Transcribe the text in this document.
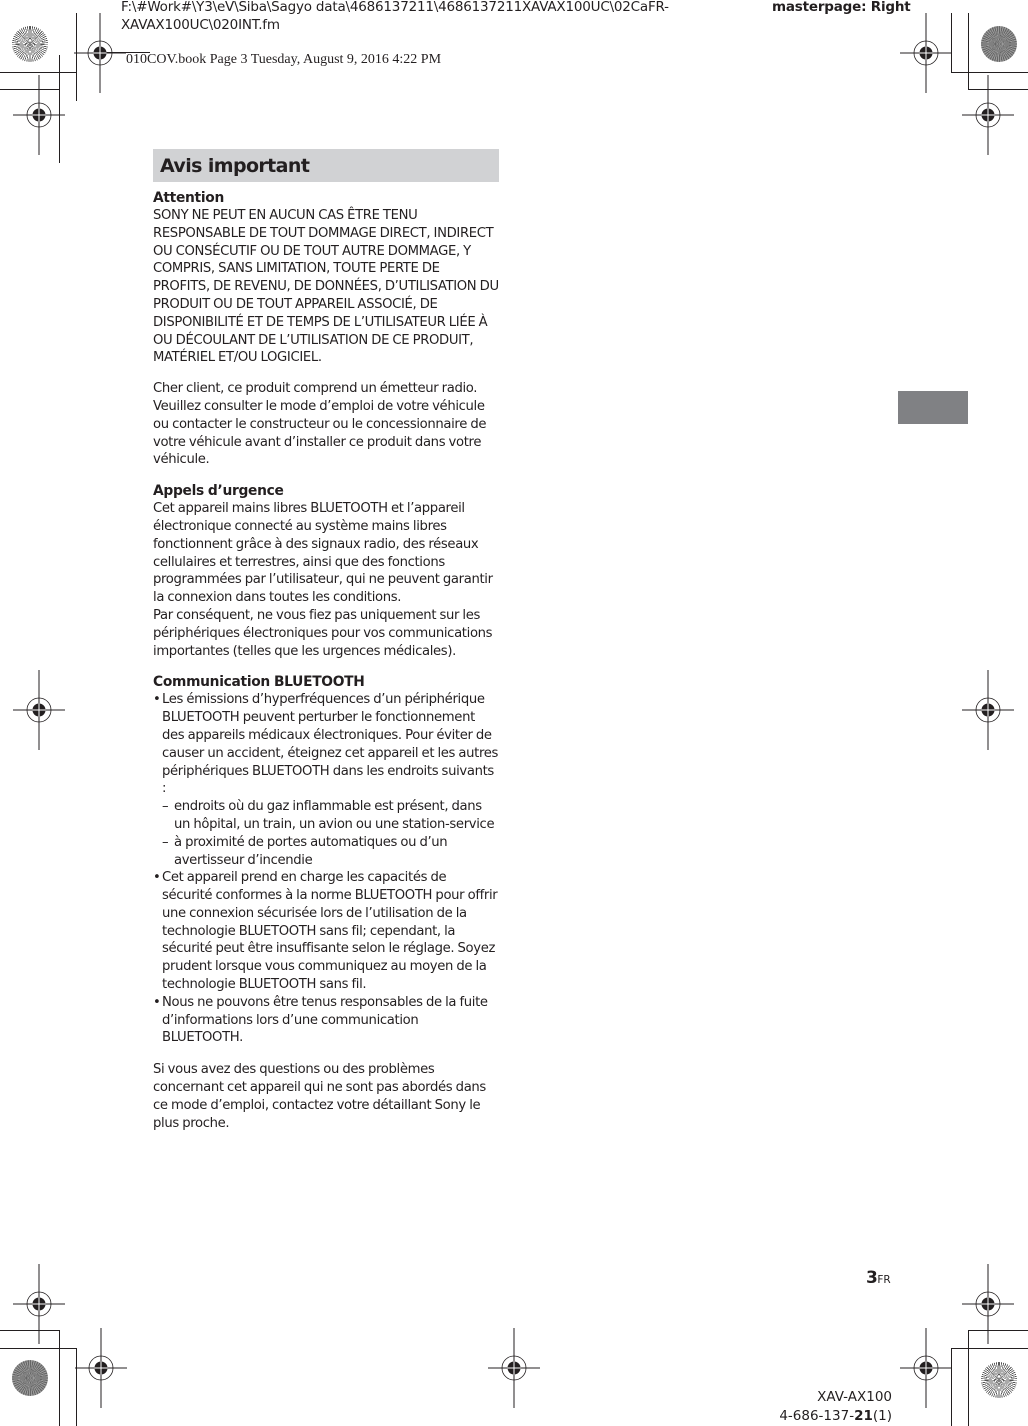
F:\#Work#\Y3\eV\Siba\Sagyo data\4686137211\4686137211XAVAX100UC\02CaFR-
XAVAX100UC\020INT.fm
masterpage: Right
010COV.book Page 3 Tuesday, August 9, 2016 4:22 PM
Avis important
Attention

SONY NE PEUT EN AUCUN CAS ÊTRE TENU RESPONSABLE DE TOUT DOMMAGE DIRECT, INDIRECT OU CONSÉCUTIF OU DE TOUT AUTRE DOMMAGE, Y COMPRIS, SANS LIMITATION, TOUTE PERTE DE PROFITS, DE REVENU, DE DONNÉES, D’UTILISATION DU PRODUIT OU DE TOUT APPAREIL ASSOCIÉ, DE DISPONIBILITÉ ET DE TEMPS DE L’UTILISATEUR LIÉE À OU DÉCOULANT DE L’UTILISATION DE CE PRODUIT, MATÉRIEL ET/OU LOGICIEL.

Cher client, ce produit comprend un émetteur radio. Veuillez consulter le mode d’emploi de votre véhicule ou contacter le constructeur ou le concessionnaire de votre véhicule avant d’installer ce produit dans votre véhicule.

Appels d’urgence

Cet appareil mains libres BLUETOOTH et l’appareil électronique connecté au système mains libres fonctionnent grâce à des signaux radio, des réseaux cellulaires et terrestres, ainsi que des fonctions programmées par l’utilisateur, qui ne peuvent garantir la connexion dans toutes les conditions.

Par conséquent, ne vous fiez pas uniquement sur les périphériques électroniques pour vos communications importantes (telles que les urgences médicales).

Communication BLUETOOTH
• Les émissions d’hyperfréquences d’un périphérique BLUETOOTH peuvent perturber le fonctionnement des appareils médicaux électroniques. Pour éviter de causer un accident, éteignez cet appareil et les autres périphériques BLUETOOTH dans les endroits suivants :
– endroits où du gaz inflammable est présent, dans un hôpital, un train, un avion ou une station-service
– à proximité de portes automatiques ou d’un avertisseur d’incendie
• Cet appareil prend en charge les capacités de sécurité conformes à la norme BLUETOOTH pour offrir une connexion sécurisée lors de l’utilisation de la technologie BLUETOOTH sans fil; cependant, la sécurité peut être insuffisante selon le réglage. Soyez prudent lorsque vous communiquez au moyen de la technologie BLUETOOTH sans fil.
• Nous ne pouvons être tenus responsables de la fuite d’informations lors d’une communication BLUETOOTH.

Si vous avez des questions ou des problèmes concernant cet appareil qui ne sont pas abordés dans ce mode d’emploi, contactez votre détaillant Sony le plus proche.

3FR
XAV-AX100
4-686-137-21(1)
